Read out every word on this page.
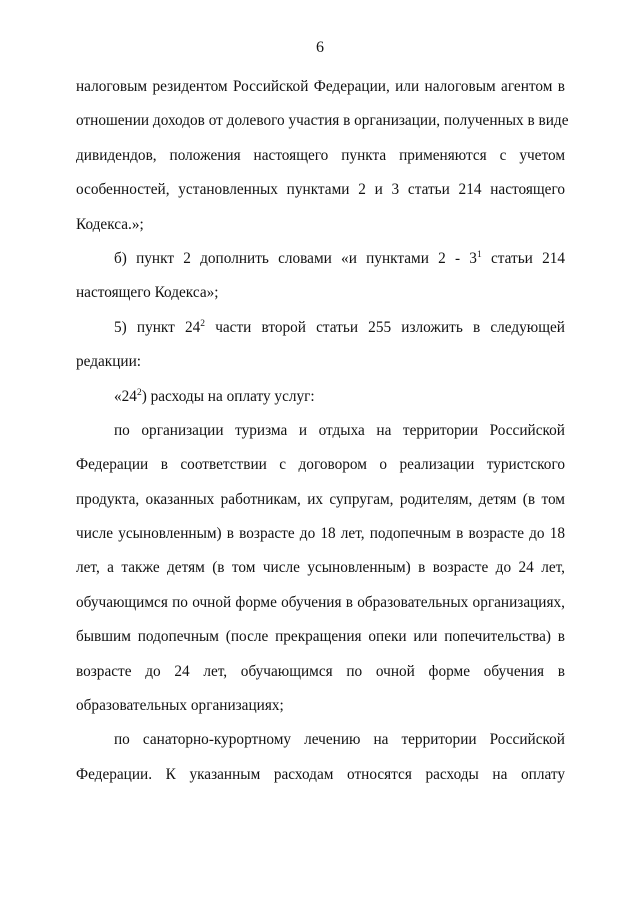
6
налоговым резидентом Российской Федерации, или налоговым агентом в
отношении доходов от долевого участия в организации, полученных в виде
дивидендов, положения настоящего пункта применяются с учетом
особенностей, установленных пунктами 2 и 3 статьи 214 настоящего
Кодекса.»;
б) пункт 2 дополнить словами «и пунктами $2 - 3^1$ статьи 214
настоящего Кодекса»;
5) пункт $24^2$ части второй статьи 255 изложить в следующей
редакции:
«$24^2$) расходы на оплату услуг:
по организации туризма и отдыха на территории Российской
Федерации в соответствии с договором о реализации туристского
продукта, оказанных работникам, их супругам, родителям, детям (в том
числе усыновленным) в возрасте до 18 лет, подопечным в возрасте до 18
лет, а также детям (в том числе усыновленным) в возрасте до 24 лет,
обучающимся по очной форме обучения в образовательных организациях,
бывшим подопечным (после прекращения опеки или попечительства) в
возрасте до 24 лет, обучающимся по очной форме обучения в
образовательных организациях;
по санаторно-курортному лечению на территории Российской
Федерации. К указанным расходам относятся расходы на оплату
